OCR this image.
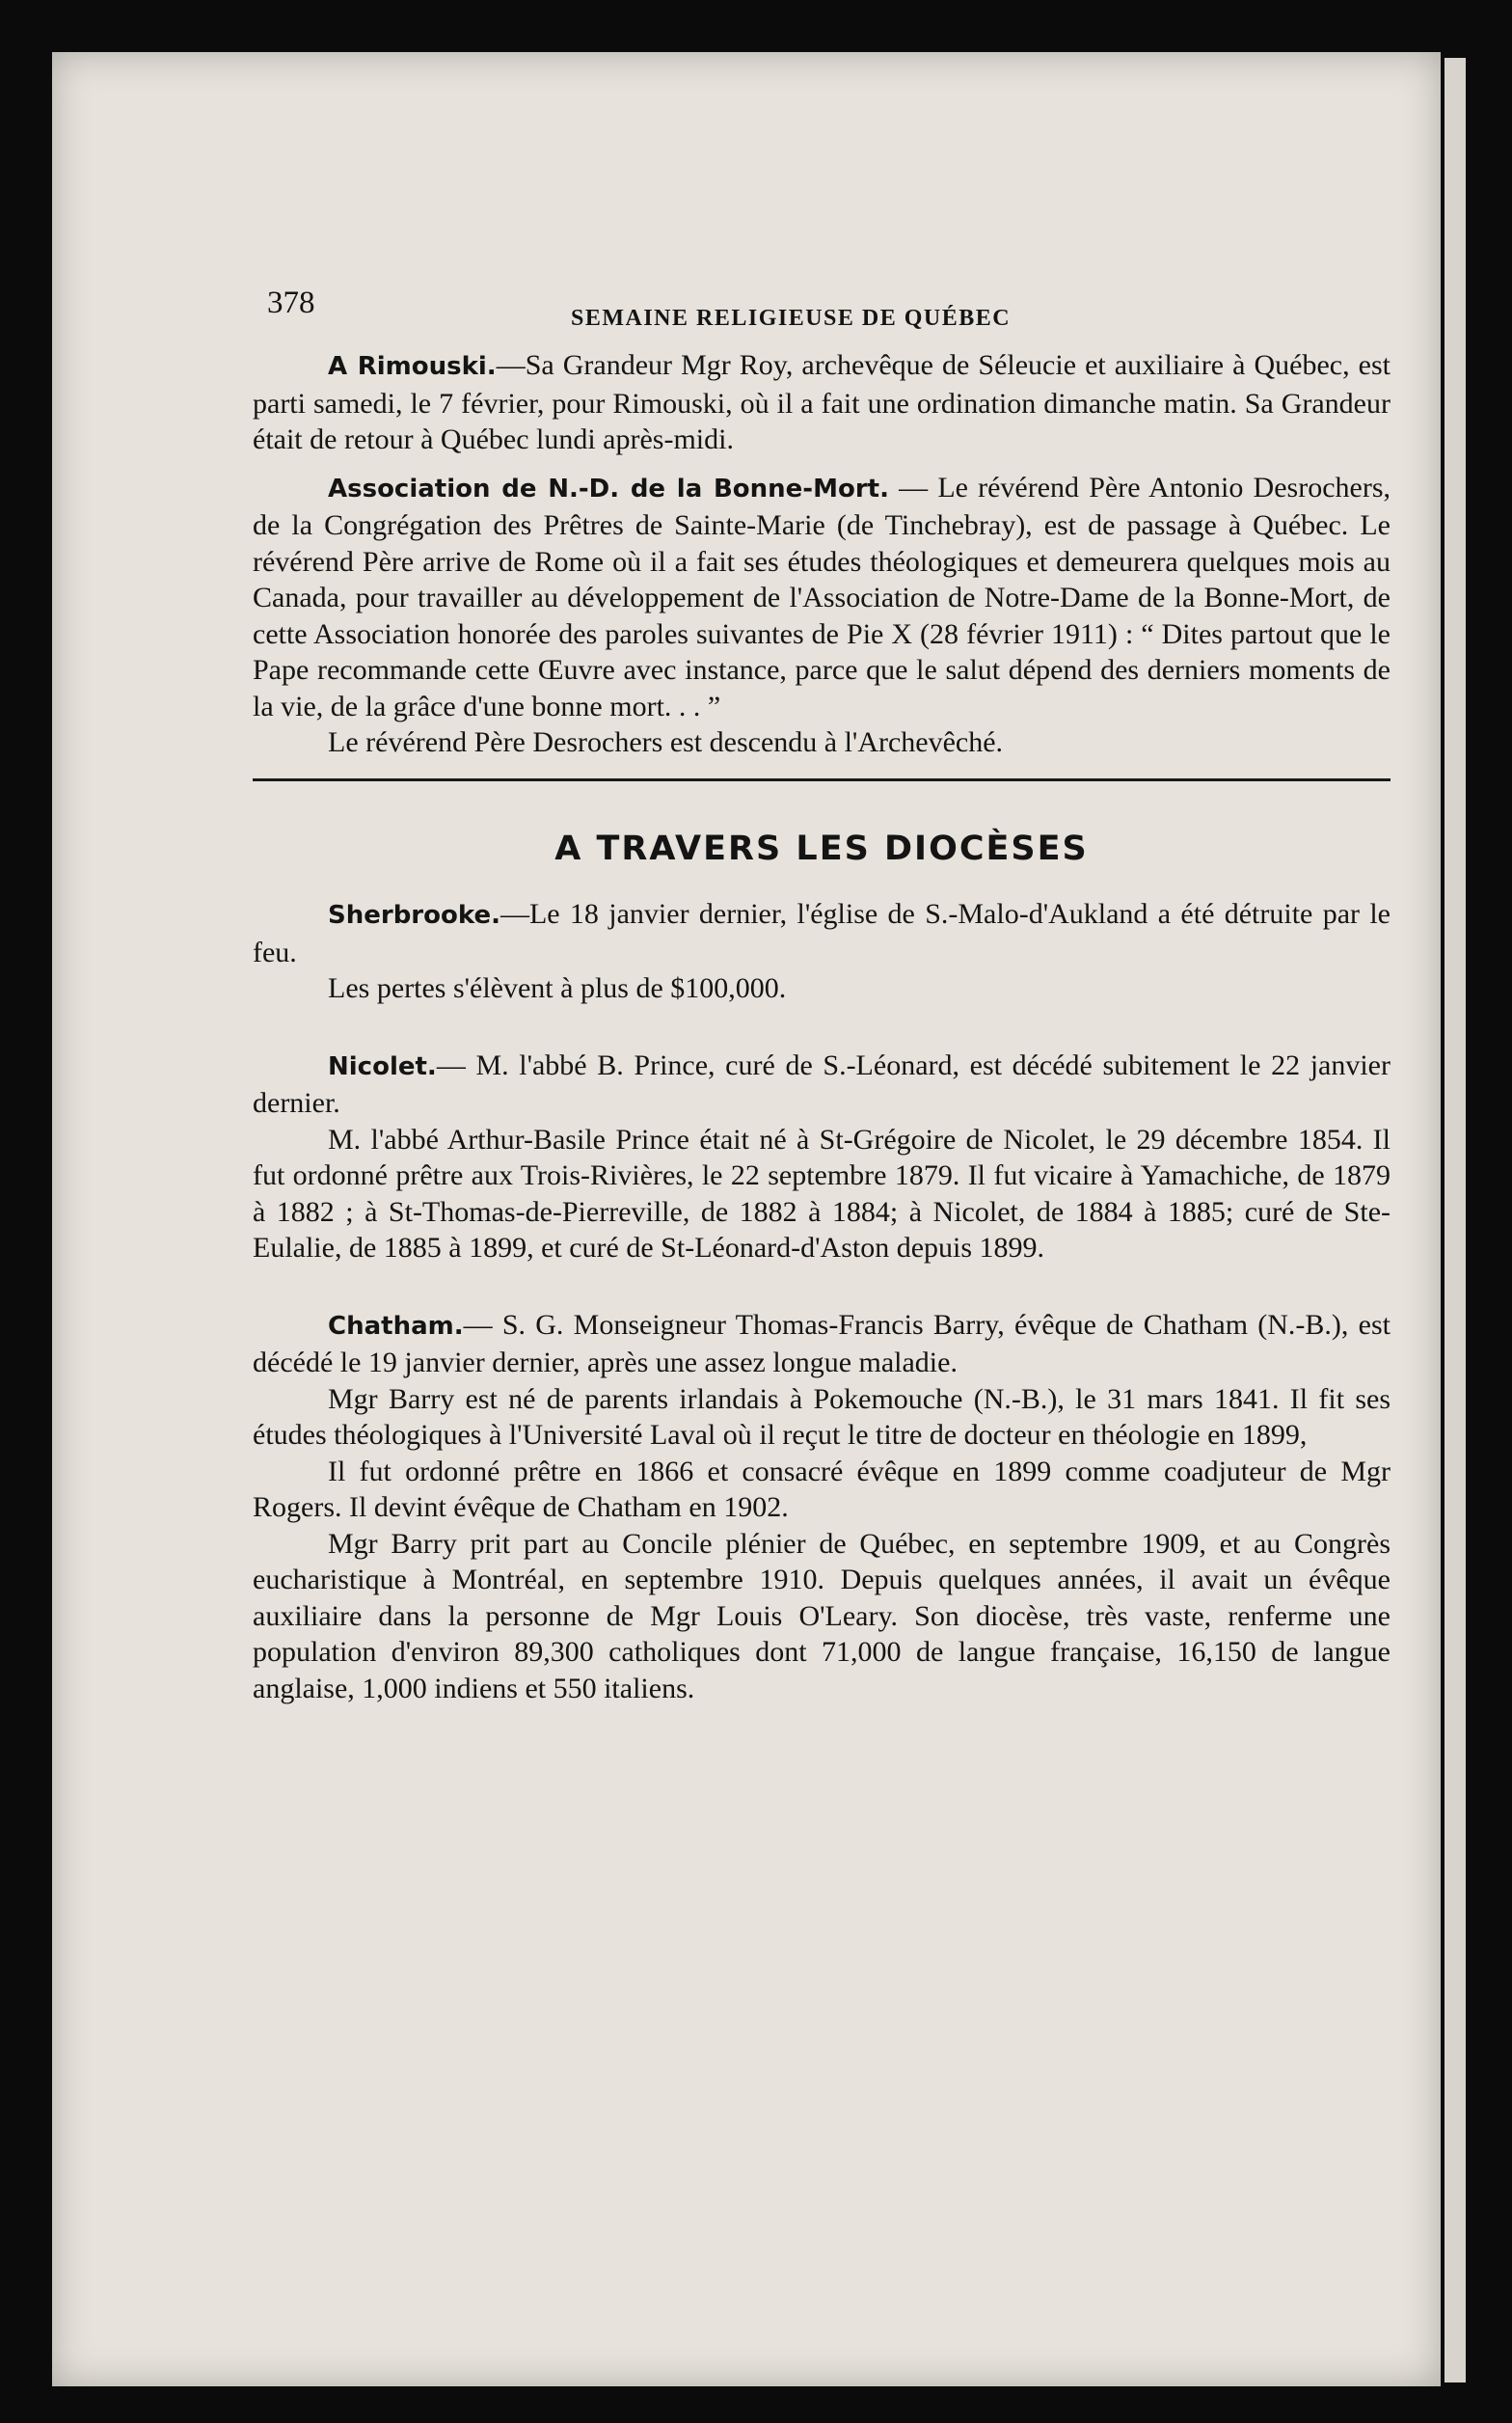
378	SEMAINE RELIGIEUSE DE QUÉBEC

A Rimouski.—Sa Grandeur Mgr Roy, archevêque de Séleucie et auxiliaire à Québec, est parti samedi, le 7 février, pour Rimouski, où il a fait une ordination dimanche matin. Sa Grandeur était de retour à Québec lundi après-midi.

Association de N.-D. de la Bonne-Mort. — Le révérend Père Antonio Desrochers, de la Congrégation des Prêtres de Sainte-Marie (de Tinchebray), est de passage à Québec. Le révérend Père arrive de Rome où il a fait ses études théologiques et demeurera quelques mois au Canada, pour travailler au développement de l'Association de Notre-Dame de la Bonne-Mort, de cette Association honorée des paroles suivantes de Pie X (28 février 1911) : “ Dites partout que le Pape recommande cette Œuvre avec instance, parce que le salut dépend des derniers moments de la vie, de la grâce d'une bonne mort. . . ”

Le révérend Père Desrochers est descendu à l'Archevêché.

A TRAVERS LES DIOCÈSES

Sherbrooke.—Le 18 janvier dernier, l'église de S.-Malo-d'Aukland a été détruite par le feu.

Les pertes s'élèvent à plus de $100,000.

Nicolet.— M. l'abbé B. Prince, curé de S.-Léonard, est décédé subitement le 22 janvier dernier.

M. l'abbé Arthur-Basile Prince était né à St-Grégoire de Nicolet, le 29 décembre 1854. Il fut ordonné prêtre aux Trois-Rivières, le 22 septembre 1879. Il fut vicaire à Yamachiche, de 1879 à 1882 ; à St-Thomas-de-Pierreville, de 1882 à 1884; à Nicolet, de 1884 à 1885; curé de Ste-Eulalie, de 1885 à 1899, et curé de St-Léonard-d'Aston depuis 1899.

Chatham.— S. G. Monseigneur Thomas-Francis Barry, évêque de Chatham (N.-B.), est décédé le 19 janvier dernier, après une assez longue maladie.

Mgr Barry est né de parents irlandais à Pokemouche (N.-B.), le 31 mars 1841. Il fit ses études théologiques à l'Université Laval où il reçut le titre de docteur en théologie en 1899,

Il fut ordonné prêtre en 1866 et consacré évêque en 1899 comme coadjuteur de Mgr Rogers. Il devint évêque de Chatham en 1902.

Mgr Barry prit part au Concile plénier de Québec, en septembre 1909, et au Congrès eucharistique à Montréal, en septembre 1910. Depuis quelques années, il avait un évêque auxiliaire dans la personne de Mgr Louis O'Leary. Son diocèse, très vaste, renferme une population d'environ 89,300 catholiques dont 71,000 de langue française, 16,150 de langue anglaise, 1,000 indiens et 550 italiens.
